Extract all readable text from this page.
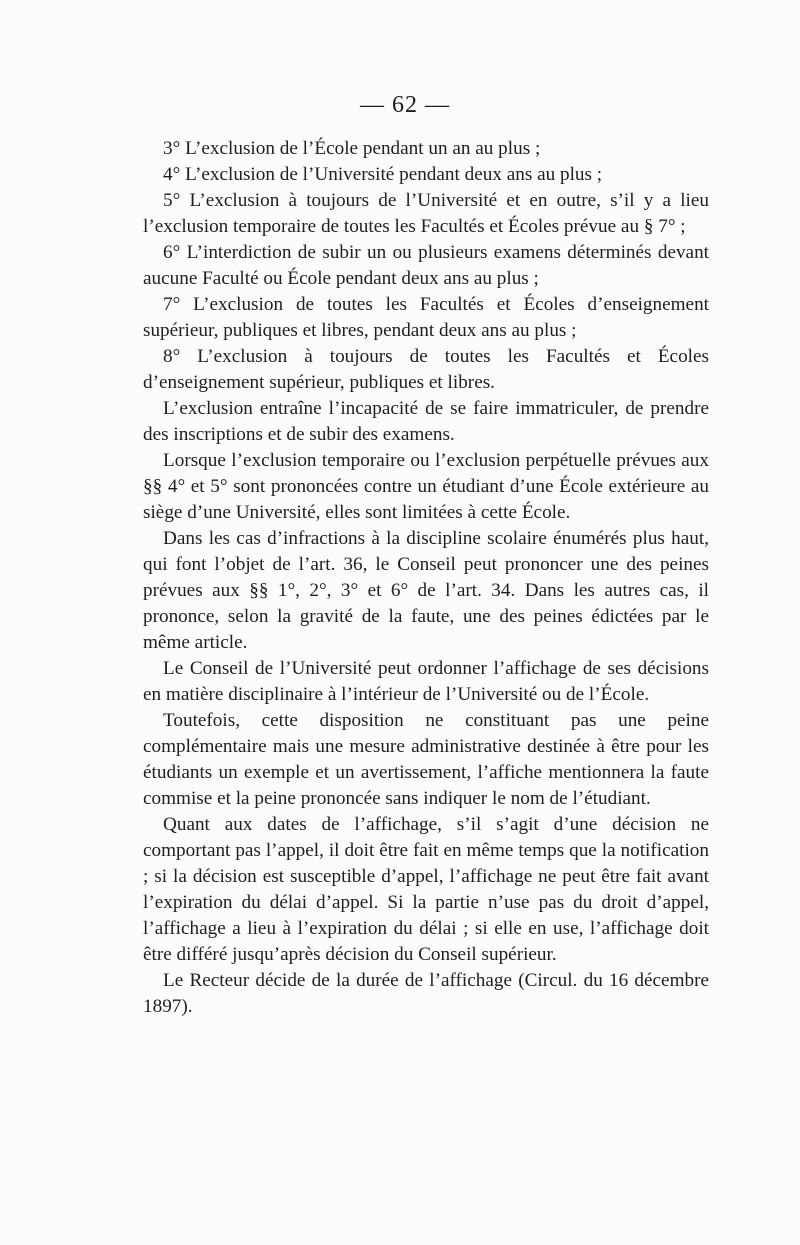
— 62 —

3° L’exclusion de l’École pendant un an au plus ;

4° L’exclusion de l’Université pendant deux ans au plus ;

5° L’exclusion à toujours de l’Université et en outre, s’il y a lieu l’exclusion temporaire de toutes les Facultés et Écoles prévue au § 7° ;

6° L’interdiction de subir un ou plusieurs examens déterminés devant aucune Faculté ou École pendant deux ans au plus ;

7° L’exclusion de toutes les Facultés et Écoles d’enseignement supérieur, publiques et libres, pendant deux ans au plus ;

8° L’exclusion à toujours de toutes les Facultés et Écoles d’enseignement supérieur, publiques et libres.

L’exclusion entraîne l’incapacité de se faire immatriculer, de prendre des inscriptions et de subir des examens.

Lorsque l’exclusion temporaire ou l’exclusion perpétuelle prévues aux §§ 4° et 5° sont prononcées contre un étudiant d’une École extérieure au siège d’une Université, elles sont limitées à cette École.

Dans les cas d’infractions à la discipline scolaire énumérés plus haut, qui font l’objet de l’art. 36, le Conseil peut prononcer une des peines prévues aux §§ 1°, 2°, 3° et 6° de l’art. 34. Dans les autres cas, il prononce, selon la gravité de la faute, une des peines édictées par le même article.

Le Conseil de l’Université peut ordonner l’affichage de ses décisions en matière disciplinaire à l’intérieur de l’Université ou de l’École.

Toutefois, cette disposition ne constituant pas une peine complémentaire mais une mesure administrative destinée à être pour les étudiants un exemple et un avertissement, l’affiche mentionnera la faute commise et la peine prononcée sans indiquer le nom de l’étudiant.

Quant aux dates de l’affichage, s’il s’agit d’une décision ne comportant pas l’appel, il doit être fait en même temps que la notification ; si la décision est susceptible d’appel, l’affichage ne peut être fait avant l’expiration du délai d’appel. Si la partie n’use pas du droit d’appel, l’affichage a lieu à l’expiration du délai ; si elle en use, l’affichage doit être différé jusqu’après décision du Conseil supérieur.

Le Recteur décide de la durée de l’affichage (Circul. du 16 décembre 1897).
